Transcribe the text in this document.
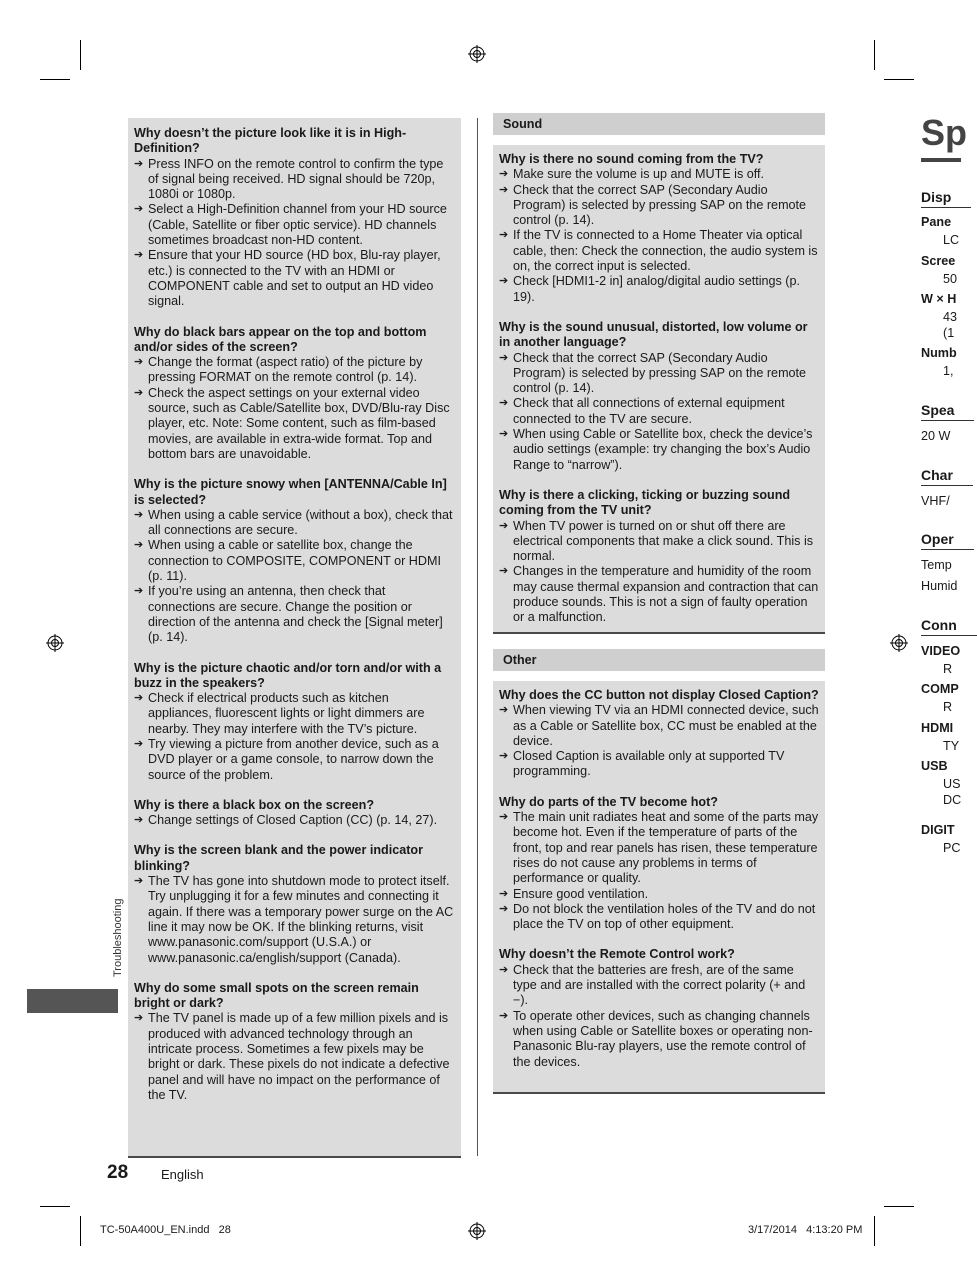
Troubleshooting
Why doesn’t the picture look like it is in High-Definition?
➔ Press INFO on the remote control to confirm the type of signal being received. HD signal should be 720p, 1080i or 1080p.
➔ Select a High-Definition channel from your HD source (Cable, Satellite or fiber optic service). HD channels sometimes broadcast non-HD content.
➔ Ensure that your HD source (HD box, Blu-ray player, etc.) is connected to the TV with an HDMI or COMPONENT cable and set to output an HD video signal.
Why do black bars appear on the top and bottom and/or sides of the screen?
➔ Change the format (aspect ratio) of the picture by pressing FORMAT on the remote control (p. 14).
➔ Check the aspect settings on your external video source, such as Cable/Satellite box, DVD/Blu-ray Disc player, etc. Note: Some content, such as film-based movies, are available in extra-wide format. Top and bottom bars are unavoidable.
Why is the picture snowy when [ANTENNA/Cable In] is selected?
➔ When using a cable service (without a box), check that all connections are secure.
➔ When using a cable or satellite box, change the connection to COMPOSITE, COMPONENT or HDMI (p. 11).
➔ If you’re using an antenna, then check that connections are secure. Change the position or direction of the antenna and check the [Signal meter] (p. 14).
Why is the picture chaotic and/or torn and/or with a buzz in the speakers?
➔ Check if electrical products such as kitchen appliances, fluorescent lights or light dimmers are nearby. They may interfere with the TV’s picture.
➔ Try viewing a picture from another device, such as a DVD player or a game console, to narrow down the source of the problem.
Why is there a black box on the screen?
➔ Change settings of Closed Caption (CC) (p. 14, 27).
Why is the screen blank and the power indicator blinking?
➔ The TV has gone into shutdown mode to protect itself. Try unplugging it for a few minutes and connecting it again. If there was a temporary power surge on the AC line it may now be OK. If the blinking returns, visit www.panasonic.com/support (U.S.A.) or www.panasonic.ca/english/support (Canada).
Why do some small spots on the screen remain bright or dark?
➔ The TV panel is made up of a few million pixels and is produced with advanced technology through an intricate process. Sometimes a few pixels may be bright or dark. These pixels do not indicate a defective panel and will have no impact on the performance of the TV.
Sound
Why is there no sound coming from the TV?
➔ Make sure the volume is up and MUTE is off.
➔ Check that the correct SAP (Secondary Audio Program) is selected by pressing SAP on the remote control (p. 14).
➔ If the TV is connected to a Home Theater via optical cable, then: Check the connection, the audio system is on, the correct input is selected.
➔ Check [HDMI1-2 in] analog/digital audio settings (p. 19).
Why is the sound unusual, distorted, low volume or in another language?
➔ Check that the correct SAP (Secondary Audio Program) is selected by pressing SAP on the remote control (p. 14).
➔ Check that all connections of external equipment connected to the TV are secure.
➔ When using Cable or Satellite box, check the device’s audio settings (example: try changing the box’s Audio Range to “narrow”).
Why is there a clicking, ticking or buzzing sound coming from the TV unit?
➔ When TV power is turned on or shut off there are electrical components that make a click sound. This is normal.
➔ Changes in the temperature and humidity of the room may cause thermal expansion and contraction that can produce sounds. This is not a sign of faulty operation or a malfunction.
Other
Why does the CC button not display Closed Caption?
➔ When viewing TV via an HDMI connected device, such as a Cable or Satellite box, CC must be enabled at the device.
➔ Closed Caption is available only at supported TV programming.
Why do parts of the TV become hot?
➔ The main unit radiates heat and some of the parts may become hot. Even if the temperature of parts of the front, top and rear panels has risen, these temperature rises do not cause any problems in terms of performance or quality.
➔ Ensure good ventilation.
➔ Do not block the ventilation holes of the TV and do not place the TV on top of other equipment.
Why doesn’t the Remote Control work?
➔ Check that the batteries are fresh, are of the same type and are installed with the correct polarity (+ and −).
➔ To operate other devices, such as changing channels when using Cable or Satellite boxes or operating non-Panasonic Blu-ray players, use the remote control of the devices.
Sp
Disp
Pane
LC
Scree
50
W × H
43
(1
Numb
1,
Spea
20 W
Char
VHF/
Oper
Temp
Humid
Conn
VIDEO
R
COMP
R
HDMI
TY
USB
US
DC
DIGIT
PC
28	English
TC-50A400U_EN.indd   28	3/17/2014   4:13:20 PM
